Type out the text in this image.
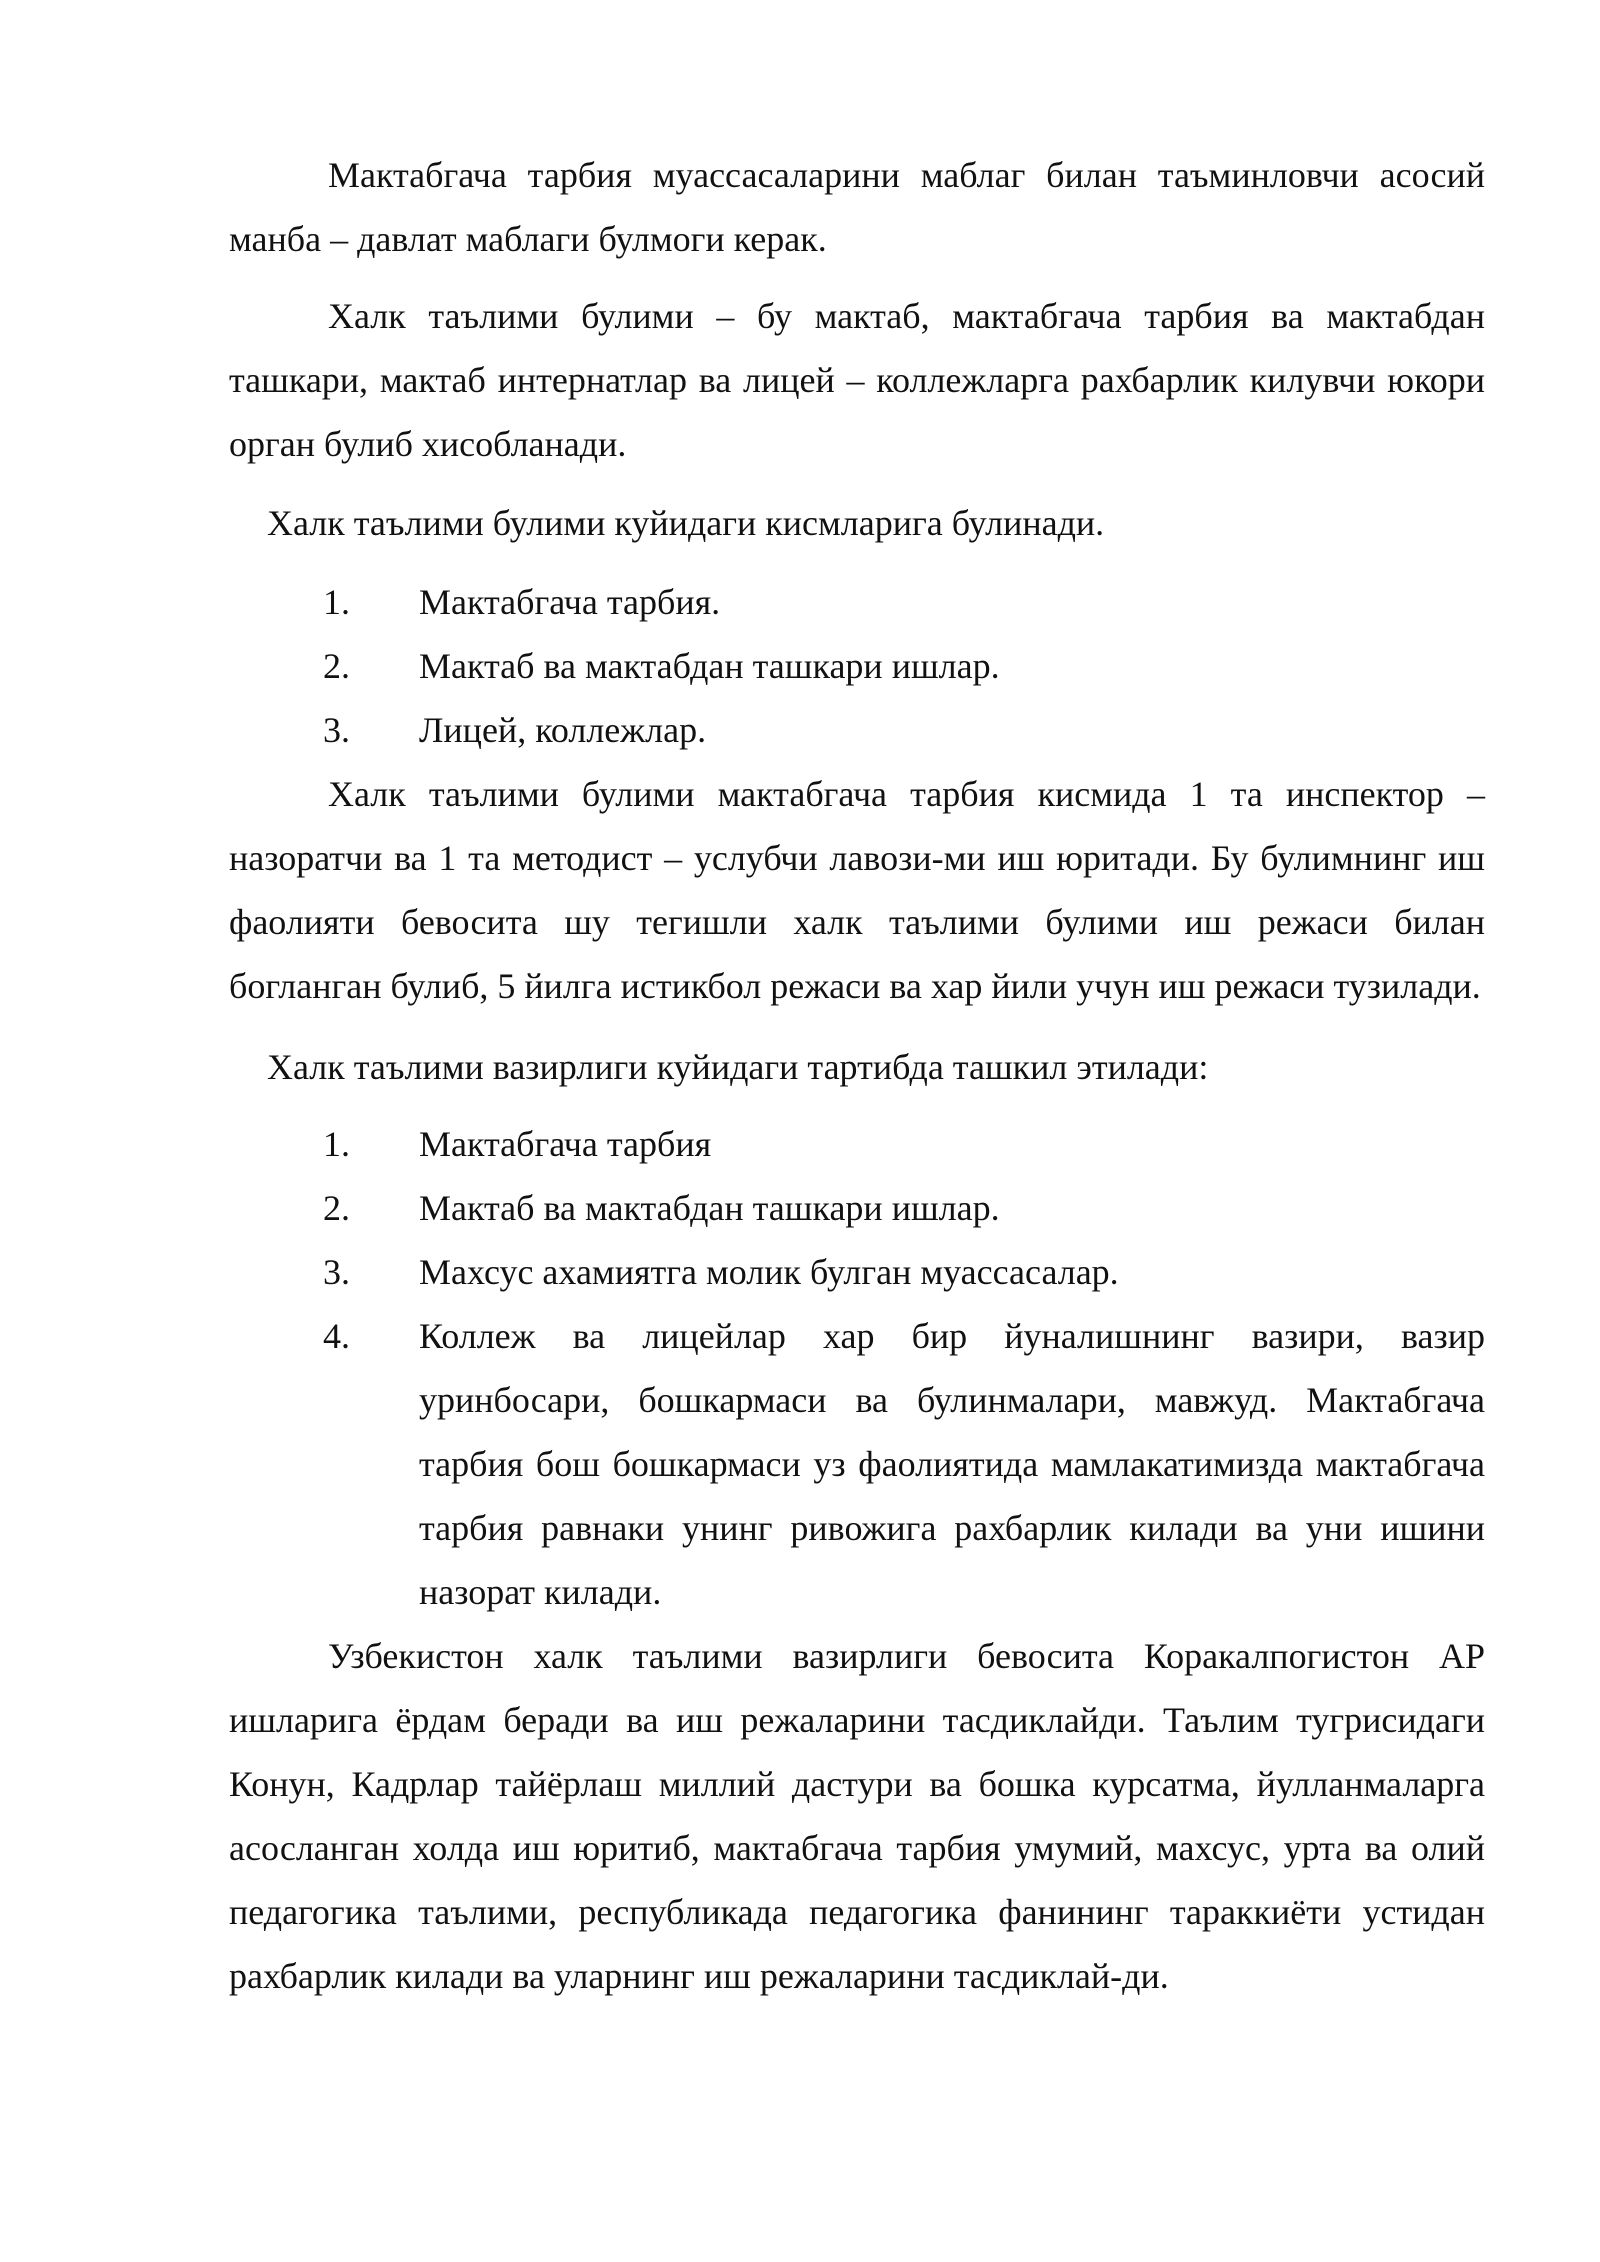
Мактабгача тарбия муассасаларини маблаг билан таъминловчи асосий манба – давлат маблаги булмоги керак.

Халк таълими булими – бу мактаб, мактабгача тарбия ва мактабдан ташкари, мактаб интернатлар ва лицей – коллежларга рахбарлик килувчи юкори орган булиб хисобланади.

Халк таълими булими куйидаги кисмларига булинади.

1.	Мактабгача тарбия.
2.	Мактаб ва мактабдан ташкари ишлар.
3.	Лицей, коллежлар.

Халк таълими булими мактабгача тарбия кисмида 1 та инспектор – назоратчи ва 1 та методист – услубчи лавози-ми иш юритади. Бу булимнинг иш фаолияти бевосита шу тегишли халк таълими булими иш режаси билан богланган булиб, 5 йилга истикбол режаси ва хар йили учун иш режаси тузилади.

Халк таълими вазирлиги куйидаги тартибда ташкил этилади:

1.	Мактабгача тарбия
2.	Мактаб ва мактабдан ташкари ишлар.
3.	Махсус ахамиятга молик булган муассасалар.
4.	Коллеж ва лицейлар хар бир йуналишнинг вазири, вазир уринбосари, бошкармаси ва булинмалари, мавжуд. Мактабгача тарбия бош бошкармаси уз фаолиятида мамлакатимизда мактабгача тарбия равнаки унинг ривожига рахбарлик килади ва уни ишини назорат килади.

Узбекистон халк таълими вазирлиги бевосита Коракалпогистон АР ишларига ёрдам беради ва иш режаларини тасдиклайди. Таълим тугрисидаги Конун, Кадрлар тайёрлаш миллий дастури ва бошка курсатма, йулланмаларга асосланган холда иш юритиб, мактабгача тарбия умумий, махсус, урта ва олий педагогика таълими, республикада педагогика фанининг тараккиёти устидан рахбарлик килади ва уларнинг иш режаларини тасдиклай-ди.
